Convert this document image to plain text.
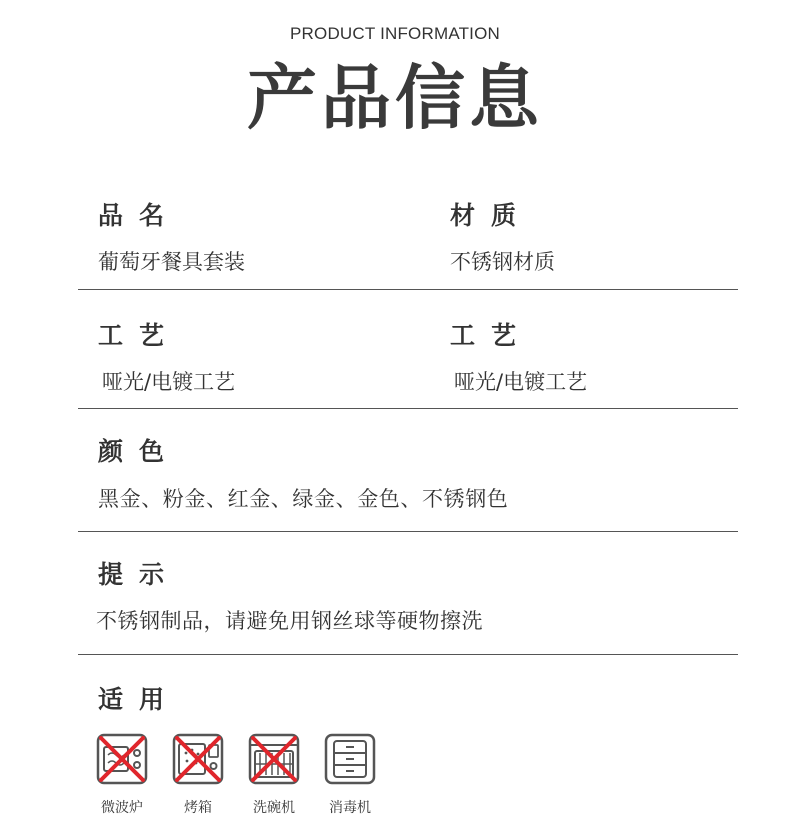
PRODUCT INFORMATION
产品信息
品名
葡萄牙餐具套装
材质
不锈钢材质
工艺
哑光/电镀工艺
工艺
哑光/电镀工艺
颜色
黑金、粉金、红金、绿金、金色、不锈钢色
提示
不锈钢制品，请避免用钢丝球等硬物擦洗
适用
微波炉	烤箱	洗碗机	消毒机
